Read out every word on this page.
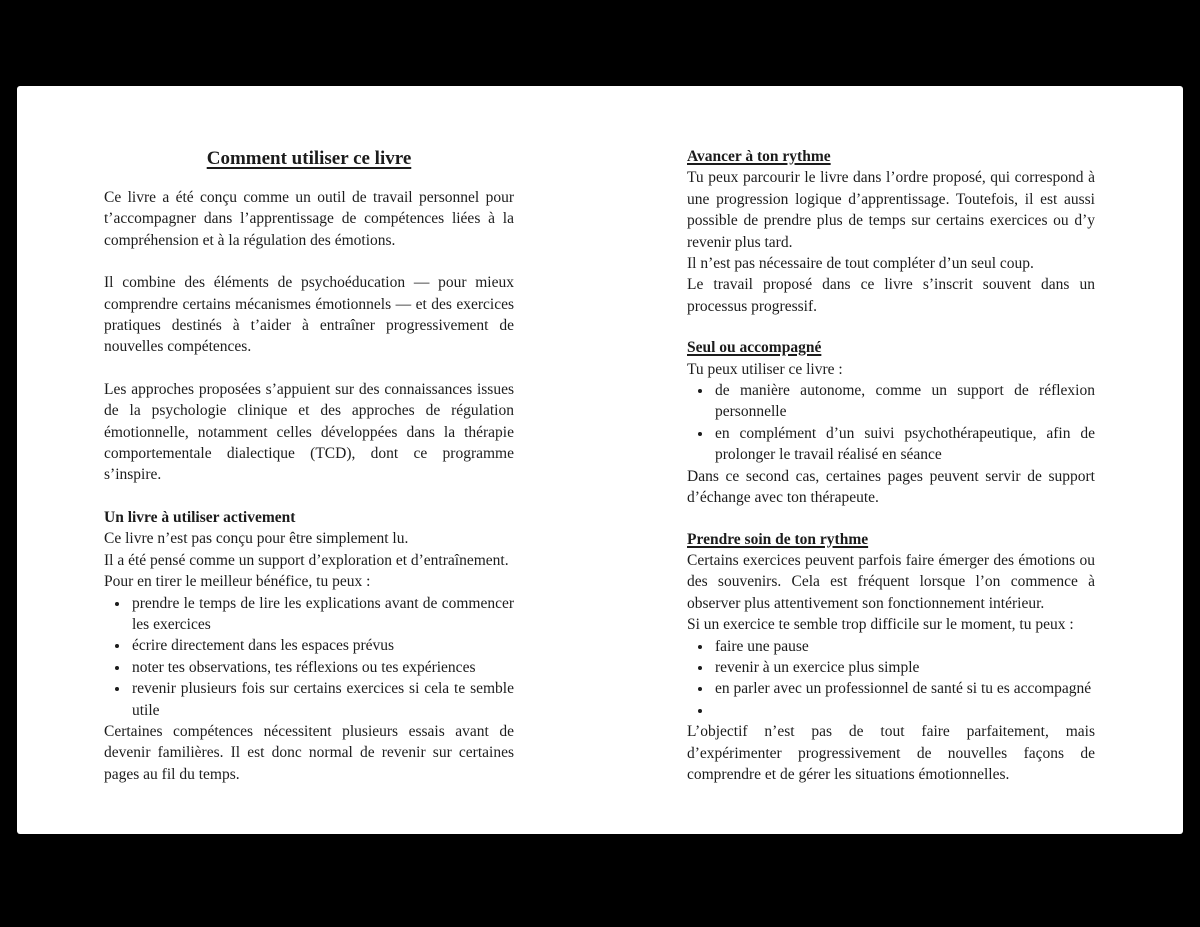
Comment utiliser ce livre

Ce livre a été conçu comme un outil de travail personnel pour t’accompagner dans l’apprentissage de compétences liées à la compréhension et à la régulation des émotions.

Il combine des éléments de psychoéducation — pour mieux comprendre certains mécanismes émotionnels — et des exercices pratiques destinés à t’aider à entraîner progressivement de nouvelles compétences.

Les approches proposées s’appuient sur des connaissances issues de la psychologie clinique et des approches de régulation émotionnelle, notamment celles développées dans la thérapie comportementale dialectique (TCD), dont ce programme s’inspire.

Un livre à utiliser activement
Ce livre n’est pas conçu pour être simplement lu.
Il a été pensé comme un support d’exploration et d’entraînement.
Pour en tirer le meilleur bénéfice, tu peux :
• prendre le temps de lire les explications avant de commencer les exercices
• écrire directement dans les espaces prévus
• noter tes observations, tes réflexions ou tes expériences
• revenir plusieurs fois sur certains exercices si cela te semble utile
Certaines compétences nécessitent plusieurs essais avant de devenir familières. Il est donc normal de revenir sur certaines pages au fil du temps.
Avancer à ton rythme
Tu peux parcourir le livre dans l’ordre proposé, qui correspond à une progression logique d’apprentissage. Toutefois, il est aussi possible de prendre plus de temps sur certains exercices ou d’y revenir plus tard.
Il n’est pas nécessaire de tout compléter d’un seul coup.
Le travail proposé dans ce livre s’inscrit souvent dans un processus progressif.
Seul ou accompagné
Tu peux utiliser ce livre :
• de manière autonome, comme un support de réflexion personnelle
• en complément d’un suivi psychothérapeutique, afin de prolonger le travail réalisé en séance
Dans ce second cas, certaines pages peuvent servir de support d’échange avec ton thérapeute.
Prendre soin de ton rythme
Certains exercices peuvent parfois faire émerger des émotions ou des souvenirs. Cela est fréquent lorsque l’on commence à observer plus attentivement son fonctionnement intérieur.
Si un exercice te semble trop difficile sur le moment, tu peux :
• faire une pause
• revenir à un exercice plus simple
• en parler avec un professionnel de santé si tu es accompagné
•
L’objectif n’est pas de tout faire parfaitement, mais d’expérimenter progressivement de nouvelles façons de comprendre et de gérer les situations émotionnelles.
